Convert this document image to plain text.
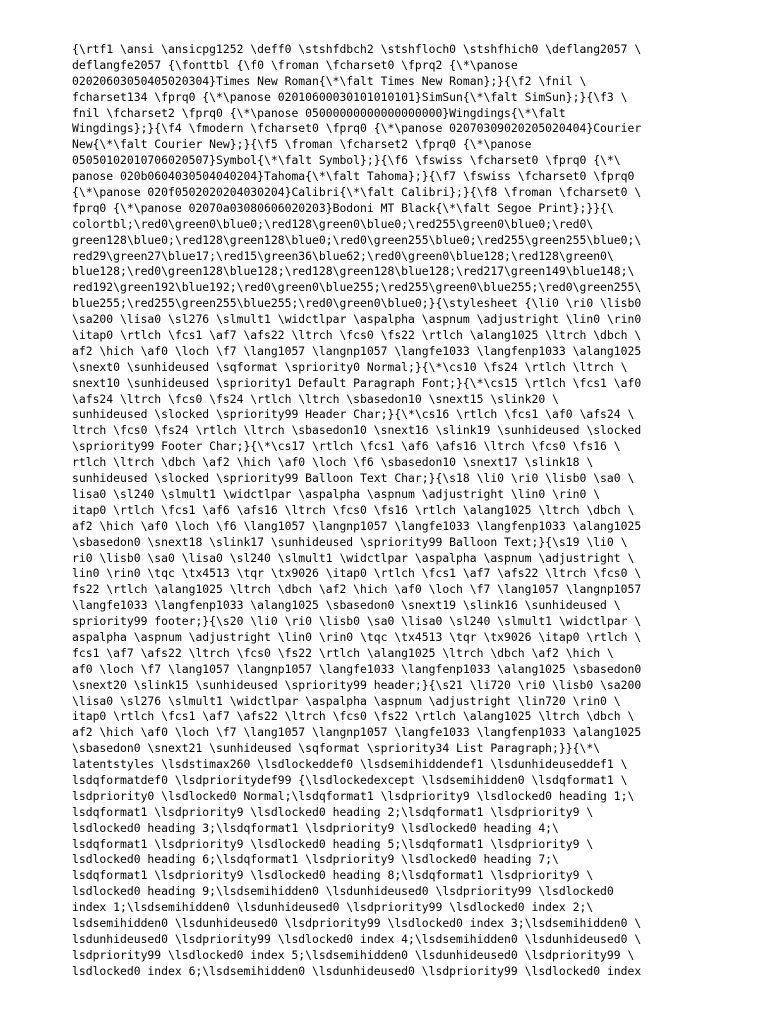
{\rtf1 \ansi \ansicpg1252 \deff0 \stshfdbch2 \stshfloch0 \stshfhich0 \deflang2057 \
deflangfe2057 {\fonttbl {\f0 \froman \fcharset0 \fprq2 {\*\panose
02020603050405020304}Times New Roman{\*\falt Times New Roman};}{\f2 \fnil \
fcharset134 \fprq0 {\*\panose 02010600030101010101}SimSun{\*\falt SimSun};}{\f3 \
fnil \fcharset2 \fprq0 {\*\panose 05000000000000000000}Wingdings{\*\falt
Wingdings};}{\f4 \fmodern \fcharset0 \fprq0 {\*\panose 02070309020205020404}Courier
New{\*\falt Courier New};}{\f5 \froman \fcharset2 \fprq0 {\*\panose
05050102010706020507}Symbol{\*\falt Symbol};}{\f6 \fswiss \fcharset0 \fprq0 {\*\
panose 020b0604030504040204}Tahoma{\*\falt Tahoma};}{\f7 \fswiss \fcharset0 \fprq0
{\*\panose 020f0502020204030204}Calibri{\*\falt Calibri};}{\f8 \froman \fcharset0 \
fprq0 {\*\panose 02070a03080606020203}Bodoni MT Black{\*\falt Segoe Print};}}{\
colortbl;\red0\green0\blue0;\red128\green0\blue0;\red255\green0\blue0;\red0\
green128\blue0;\red128\green128\blue0;\red0\green255\blue0;\red255\green255\blue0;\
red29\green27\blue17;\red15\green36\blue62;\red0\green0\blue128;\red128\green0\
blue128;\red0\green128\blue128;\red128\green128\blue128;\red217\green149\blue148;\
red192\green192\blue192;\red0\green0\blue255;\red255\green0\blue255;\red0\green255\
blue255;\red255\green255\blue255;\red0\green0\blue0;}{\stylesheet {\li0 \ri0 \lisb0
\sa200 \lisa0 \sl276 \slmult1 \widctlpar \aspalpha \aspnum \adjustright \lin0 \rin0
\itap0 \rtlch \fcs1 \af7 \afs22 \ltrch \fcs0 \fs22 \rtlch \alang1025 \ltrch \dbch \
af2 \hich \af0 \loch \f7 \lang1057 \langnp1057 \langfe1033 \langfenp1033 \alang1025
\snext0 \sunhideused \sqformat \spriority0 Normal;}{\*\cs10 \fs24 \rtlch \ltrch \
snext10 \sunhideused \spriority1 Default Paragraph Font;}{\*\cs15 \rtlch \fcs1 \af0
\afs24 \ltrch \fcs0 \fs24 \rtlch \ltrch \sbasedon10 \snext15 \slink20 \
sunhideused \slocked \spriority99 Header Char;}{\*\cs16 \rtlch \fcs1 \af0 \afs24 \
ltrch \fcs0 \fs24 \rtlch \ltrch \sbasedon10 \snext16 \slink19 \sunhideused \slocked
\spriority99 Footer Char;}{\*\cs17 \rtlch \fcs1 \af6 \afs16 \ltrch \fcs0 \fs16 \
rtlch \ltrch \dbch \af2 \hich \af0 \loch \f6 \sbasedon10 \snext17 \slink18 \
sunhideused \slocked \spriority99 Balloon Text Char;}{\s18 \li0 \ri0 \lisb0 \sa0 \
lisa0 \sl240 \slmult1 \widctlpar \aspalpha \aspnum \adjustright \lin0 \rin0 \
itap0 \rtlch \fcs1 \af6 \afs16 \ltrch \fcs0 \fs16 \rtlch \alang1025 \ltrch \dbch \
af2 \hich \af0 \loch \f6 \lang1057 \langnp1057 \langfe1033 \langfenp1033 \alang1025
\sbasedon0 \snext18 \slink17 \sunhideused \spriority99 Balloon Text;}{\s19 \li0 \
ri0 \lisb0 \sa0 \lisa0 \sl240 \slmult1 \widctlpar \aspalpha \aspnum \adjustright \
lin0 \rin0 \tqc \tx4513 \tqr \tx9026 \itap0 \rtlch \fcs1 \af7 \afs22 \ltrch \fcs0 \
fs22 \rtlch \alang1025 \ltrch \dbch \af2 \hich \af0 \loch \f7 \lang1057 \langnp1057
\langfe1033 \langfenp1033 \alang1025 \sbasedon0 \snext19 \slink16 \sunhideused \
spriority99 footer;}{\s20 \li0 \ri0 \lisb0 \sa0 \lisa0 \sl240 \slmult1 \widctlpar \
aspalpha \aspnum \adjustright \lin0 \rin0 \tqc \tx4513 \tqr \tx9026 \itap0 \rtlch \
fcs1 \af7 \afs22 \ltrch \fcs0 \fs22 \rtlch \alang1025 \ltrch \dbch \af2 \hich \
af0 \loch \f7 \lang1057 \langnp1057 \langfe1033 \langfenp1033 \alang1025 \sbasedon0
\snext20 \slink15 \sunhideused \spriority99 header;}{\s21 \li720 \ri0 \lisb0 \sa200
\lisa0 \sl276 \slmult1 \widctlpar \aspalpha \aspnum \adjustright \lin720 \rin0 \
itap0 \rtlch \fcs1 \af7 \afs22 \ltrch \fcs0 \fs22 \rtlch \alang1025 \ltrch \dbch \
af2 \hich \af0 \loch \f7 \lang1057 \langnp1057 \langfe1033 \langfenp1033 \alang1025
\sbasedon0 \snext21 \sunhideused \sqformat \spriority34 List Paragraph;}}{\*\
latentstyles \lsdstimax260 \lsdlockeddef0 \lsdsemihiddendef1 \lsdunhideuseddef1 \
lsdqformatdef0 \lsdprioritydef99 {\lsdlockedexcept \lsdsemihidden0 \lsdqformat1 \
lsdpriority0 \lsdlocked0 Normal;\lsdqformat1 \lsdpriority9 \lsdlocked0 heading 1;\
lsdqformat1 \lsdpriority9 \lsdlocked0 heading 2;\lsdqformat1 \lsdpriority9 \
lsdlocked0 heading 3;\lsdqformat1 \lsdpriority9 \lsdlocked0 heading 4;\
lsdqformat1 \lsdpriority9 \lsdlocked0 heading 5;\lsdqformat1 \lsdpriority9 \
lsdlocked0 heading 6;\lsdqformat1 \lsdpriority9 \lsdlocked0 heading 7;\
lsdqformat1 \lsdpriority9 \lsdlocked0 heading 8;\lsdqformat1 \lsdpriority9 \
lsdlocked0 heading 9;\lsdsemihidden0 \lsdunhideused0 \lsdpriority99 \lsdlocked0
index 1;\lsdsemihidden0 \lsdunhideused0 \lsdpriority99 \lsdlocked0 index 2;\
lsdsemihidden0 \lsdunhideused0 \lsdpriority99 \lsdlocked0 index 3;\lsdsemihidden0 \
lsdunhideused0 \lsdpriority99 \lsdlocked0 index 4;\lsdsemihidden0 \lsdunhideused0 \
lsdpriority99 \lsdlocked0 index 5;\lsdsemihidden0 \lsdunhideused0 \lsdpriority99 \
lsdlocked0 index 6;\lsdsemihidden0 \lsdunhideused0 \lsdpriority99 \lsdlocked0 index
